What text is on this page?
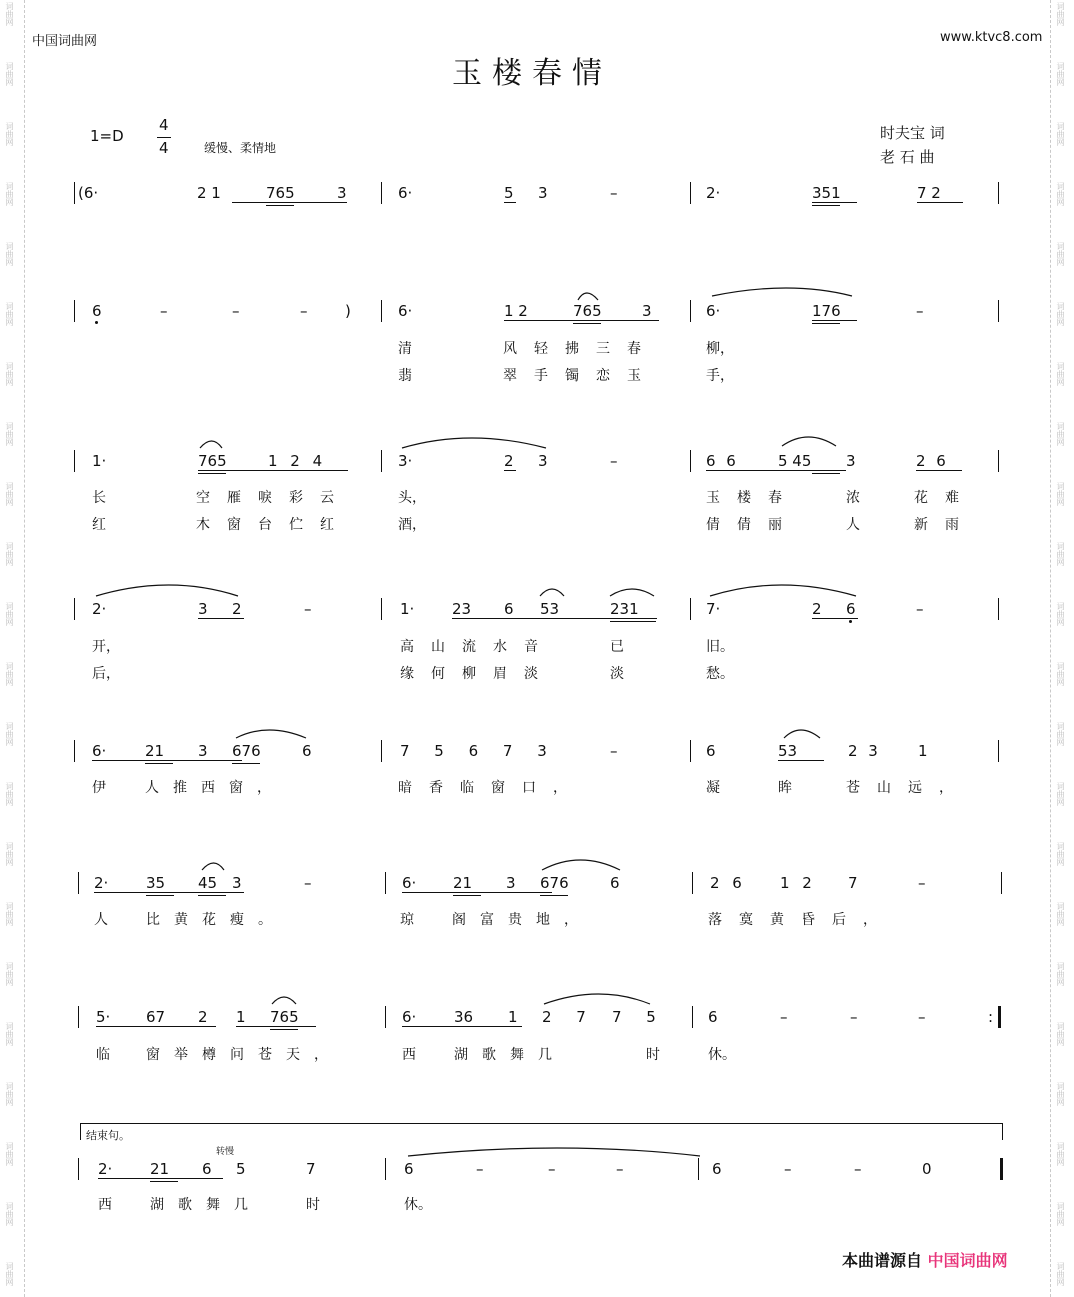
词曲网
词曲网
词曲网
词曲网
词曲网
词曲网
词曲网
词曲网
词曲网
词曲网
词曲网
词曲网
词曲网
词曲网
词曲网
词曲网
词曲网
词曲网
词曲网
词曲网
词曲网
词曲网
词曲网
词曲网
词曲网
词曲网
词曲网
词曲网
词曲网
词曲网
词曲网
词曲网
词曲网
词曲网
词曲网
词曲网
词曲网
词曲网
词曲网
词曲网
词曲网
词曲网
词曲网
词曲网
中国词曲网	www.ktvc8.com
玉楼春情
1=D
4
4	缓慢、柔情地
时夫宝 词
老 石 曲
(6·	2 1	765	3	6·	5 3	–	2·	351	7 2
6	–	–	–	)	6·	1 2	765	3	6·	176	–
清	风轻拂三春	柳，
翡	翠手镯恋玉	手，
1·	765	1 2 4	3·	2 3	–	6 6	5 45 3	2 6
长	空雁唳彩云	头，	玉楼春	浓	花难
红	木窗台伫红	酒，	倩倩丽	人	新雨
2·	3 2	–	1·	23 6 53	231	7·	2 6	–
开，	高山流水音	已	旧。
后，	缘何柳眉淡	淡	愁。
6·	21 3 676	6	7 5 6 7 3	–	6	53	2 3	1
伊	人推西窗，	暗香临窗口，	凝	眸	苍山远，
2·	35 45 3	–	6· 21 3 676	6	2 6	1 2 7	–
人	比黄花瘦。	琼	阁富贵地，	落寞黄昏后，
5· 67 2 1 765	6·	36 1 2 7 7 5	6	–	–	–	:
临	窗举樽问苍天，	西	湖歌舞几	时	休。
结束句。
转慢
2·	21 6 5	7	6	–	–	–	6	–	–	0
西	湖歌舞几	时	休。
本曲谱源自 中国词曲网
